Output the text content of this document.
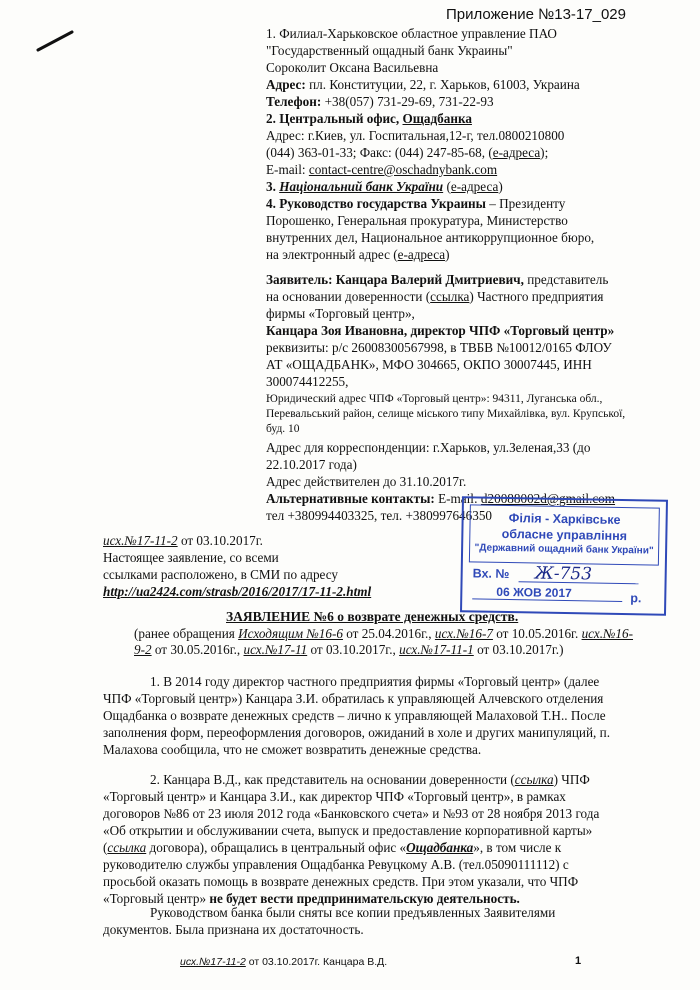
Приложение №13-17_029
1. Филиал-Харьковское областное управление ПАО
"Государственный ощадный банк Украины"
Сороколит Оксана Васильевна
Адрес: пл. Конституции, 22, г. Харьков, 61003, Украина
Телефон: +38(057) 731-29-69, 731-22-93
2. Центральный офис, Ощадбанка
Адрес: г.Киев, ул. Госпитальная,12-г, тел.0800210800
(044) 363-01-33; Факс: (044) 247-85-68, (е-адреса);
E-mail: contact-centre@oschadnybank.com
3. Національний банк України (е-адреса)
4. Руководство государства Украины – Президенту
Порошенко, Генеральная прокуратура, Министерство
внутренних дел, Национальное антикоррупционное бюро,
на электронный адрес (е-адреса)
Заявитель: Канцара Валерий Дмитриевич, представитель
на основании доверенности (ссылка) Частного предприятия
фирмы «Торговый центр»,
Канцара Зоя Ивановна, директор ЧПФ «Торговый центр»
реквизиты: р/с 26008300567998, в ТВБВ №10012/0165 ФЛОУ
АТ «ОЩАДБАНК», МФО 304665, ОКПО 30007445, ИНН
300074412255,
Юридический адрес ЧПФ «Торговый центр»: 94311, Луганська обл.,
Перевальський район, селище міського типу Михайлівка, вул. Крупської,
буд. 10
Адрес для корреспонденции: г.Харьков, ул.Зеленая,33 (до
22.10.2017 года)
Адрес действителен до 31.10.2017г.
Альтернативные контакты: E-mail: d20088002d@gmail.com
тел +380994403325, тел. +380997646350
исх.№17-11-2 от 03.10.2017г.
Настоящее заявление, со всеми
ссылками расположено, в СМИ по адресу
http://ua2424.com/strasb/2016/2017/17-11-2.html
Філія - Харківське
обласне управління
"Державний ощадний банк України"
Вх. № Ж-753
06 ЖОВ 2017	р.
ЗАЯВЛЕНИЕ №6 о возврате денежных средств.
(ранее обращения Исходящим №16-6 от 25.04.2016г., исх.№16-7 от 10.05.2016г. исх.№16-
9-2 от 30.05.2016г., исх.№17-11 от 03.10.2017г., исх.№17-11-1 от 03.10.2017г.)
1. В 2014 году директор частного предприятия фирмы «Торговый центр» (далее
ЧПФ «Торговый центр») Канцара З.И. обратилась к управляющей Алчевского отделения
Ощадбанка о возврате денежных средств – лично к управляющей Малаховой Т.Н.. После
заполнения форм, переоформления договоров, ожиданий в холе и других манипуляций, п.
Малахова сообщила, что не сможет возвратить денежные средства.
2. Канцара В.Д., как представитель на основании доверенности (ссылка) ЧПФ
«Торговый центр» и Канцара З.И., как директор ЧПФ «Торговый центр», в рамках
договоров №86 от 23 июля 2012 года «Банковского счета» и №93 от 28 ноября 2013 года
«Об открытии и обслуживании счета, выпуск и предоставление корпоративной карты»
(ссылка договора), обращались в центральный офис «Ощадбанка», в том числе к
руководителю службы управления Ощадбанка Ревуцкому А.В. (тел.05090111112) с
просьбой оказать помощь в возврате денежных средств. При этом указали, что ЧПФ
«Торговый центр» не будет вести предпринимательскую деятельность.
Руководством банка были сняты все копии предъявленных Заявителями
документов. Была признана их достаточность.
исх.№17-11-2 от 03.10.2017г. Канцара В.Д.	1
